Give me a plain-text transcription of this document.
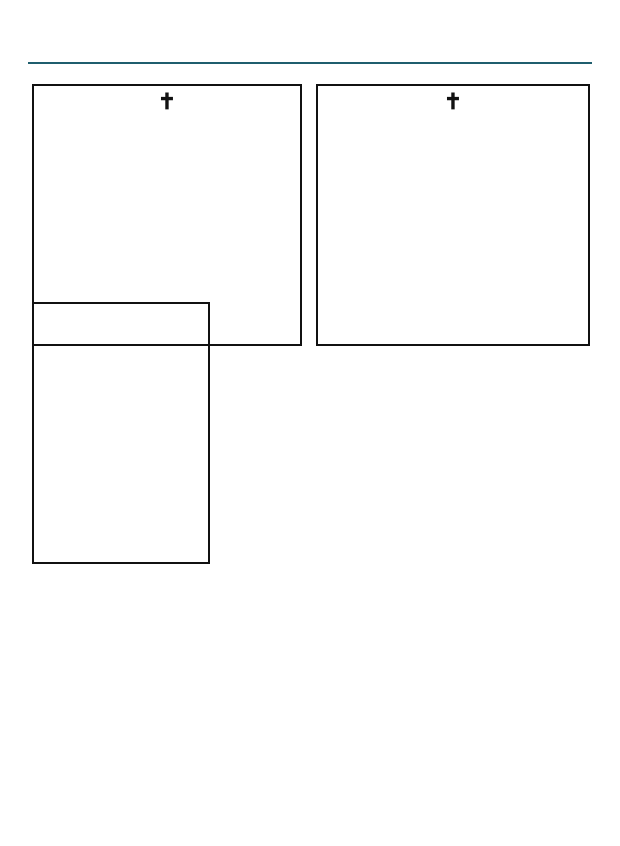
✝	✝
